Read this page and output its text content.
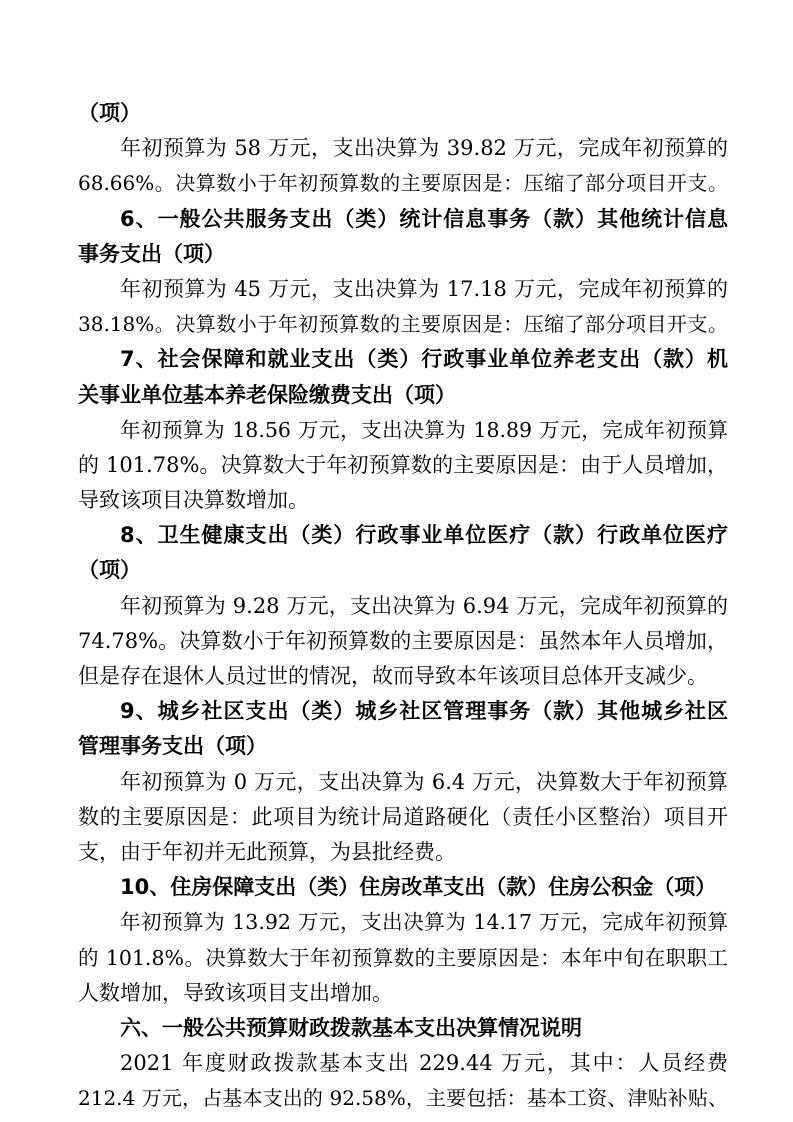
（项）
年初预算为 58 万元，支出决算为 39.82 万元，完成年初预算的
68.66%。决算数小于年初预算数的主要原因是：压缩了部分项目开支。
6、一般公共服务支出（类）统计信息事务（款）其他统计信息
事务支出（项）
年初预算为 45 万元，支出决算为 17.18 万元，完成年初预算的
38.18%。决算数小于年初预算数的主要原因是：压缩了部分项目开支。
7、社会保障和就业支出（类）行政事业单位养老支出（款）机
关事业单位基本养老保险缴费支出（项）
年初预算为 18.56 万元，支出决算为 18.89 万元，完成年初预算
的 101.78%。决算数大于年初预算数的主要原因是：由于人员增加，
导致该项目决算数增加。
8、卫生健康支出（类）行政事业单位医疗（款）行政单位医疗
（项）
年初预算为 9.28 万元，支出决算为 6.94 万元，完成年初预算的
74.78%。决算数小于年初预算数的主要原因是：虽然本年人员增加，
但是存在退休人员过世的情况，故而导致本年该项目总体开支减少。
9、城乡社区支出（类）城乡社区管理事务（款）其他城乡社区
管理事务支出（项）
年初预算为 0 万元，支出决算为 6.4 万元，决算数大于年初预算
数的主要原因是：此项目为统计局道路硬化（责任小区整治）项目开
支，由于年初并无此预算，为县批经费。
10、住房保障支出（类）住房改革支出（款）住房公积金（项）
年初预算为 13.92 万元，支出决算为 14.17 万元，完成年初预算
的 101.8%。决算数大于年初预算数的主要原因是：本年中旬在职职工
人数增加，导致该项目支出增加。
六、一般公共预算财政拨款基本支出决算情况说明
2021 年度财政拨款基本支出 229.44 万元，其中：人员经费
212.4 万元，占基本支出的 92.58%，主要包括：基本工资、津贴补贴、
